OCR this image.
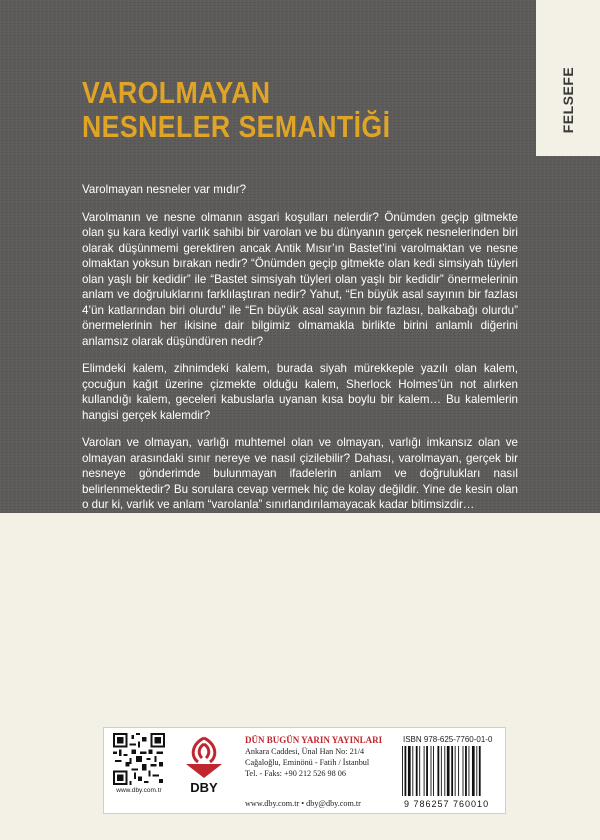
FELSEFE
VAROLMAYAN
NESNELER SEMANTİĞİ

Varolmayan nesneler var mıdır?

Varolmanın ve nesne olmanın asgari koşulları nelerdir? Önümden geçip gitmekte olan şu kara kediyi varlık sahibi bir varolan ve bu dünyanın gerçek nesnelerinden biri olarak düşünmemi gerektiren ancak Antik Mısır’ın Bastet’ini varolmaktan ve nesne olmaktan yoksun bırakan nedir? “Önümden geçip gitmekte olan kedi simsiyah tüyleri olan yaşlı bir kedidir” ile “Bastet simsiyah tüyleri olan yaşlı bir kedidir” önermelerinin anlam ve doğruluklarını farklılaştıran nedir? Yahut, “En büyük asal sayının bir fazlası 4’ün katlarından biri olurdu” ile “En büyük asal sayının bir fazlası, balkabağı olurdu” önermelerinin her ikisine dair bilgimiz olmamakla birlikte birini anlamlı diğerini anlamsız olarak düşündüren nedir?

Elimdeki kalem, zihnimdeki kalem, burada siyah mürekkeple yazılı olan kalem, çocuğun kağıt üzerine çizmekte olduğu kalem, Sherlock Holmes’ün not alırken kullandığı kalem, geceleri kabuslarla uyanan kısa boylu bir kalem… Bu kalemlerin hangisi gerçek kalemdir?

Varolan ve olmayan, varlığı muhtemel olan ve olmayan, varlığı imkansız olan ve olmayan arasındaki sınır nereye ve nasıl çizilebilir? Dahası, varolmayan, gerçek bir nesneye gönderimde bulunmayan ifadelerin anlam ve doğrulukları nasıl belirlenmektedir? Bu sorulara cevap vermek hiç de kolay değildir. Yine de kesin olan o dur ki, varlık ve anlam “varolanla” sınırlandırılamayacak kadar bitimsizdir…

www.dby.com.tr DBY
DÜN BUGÜN YARIN YAYINLARI
Ankara Caddesi, Ünal Han No: 21/4
Cağaloğlu, Eminönü - Fatih / İstanbul
Tel. - Faks: +90 212 526 98 06
www.dby.com.tr • dby@dby.com.tr
ISBN 978-625-7760-01-0
9 786257 760010
